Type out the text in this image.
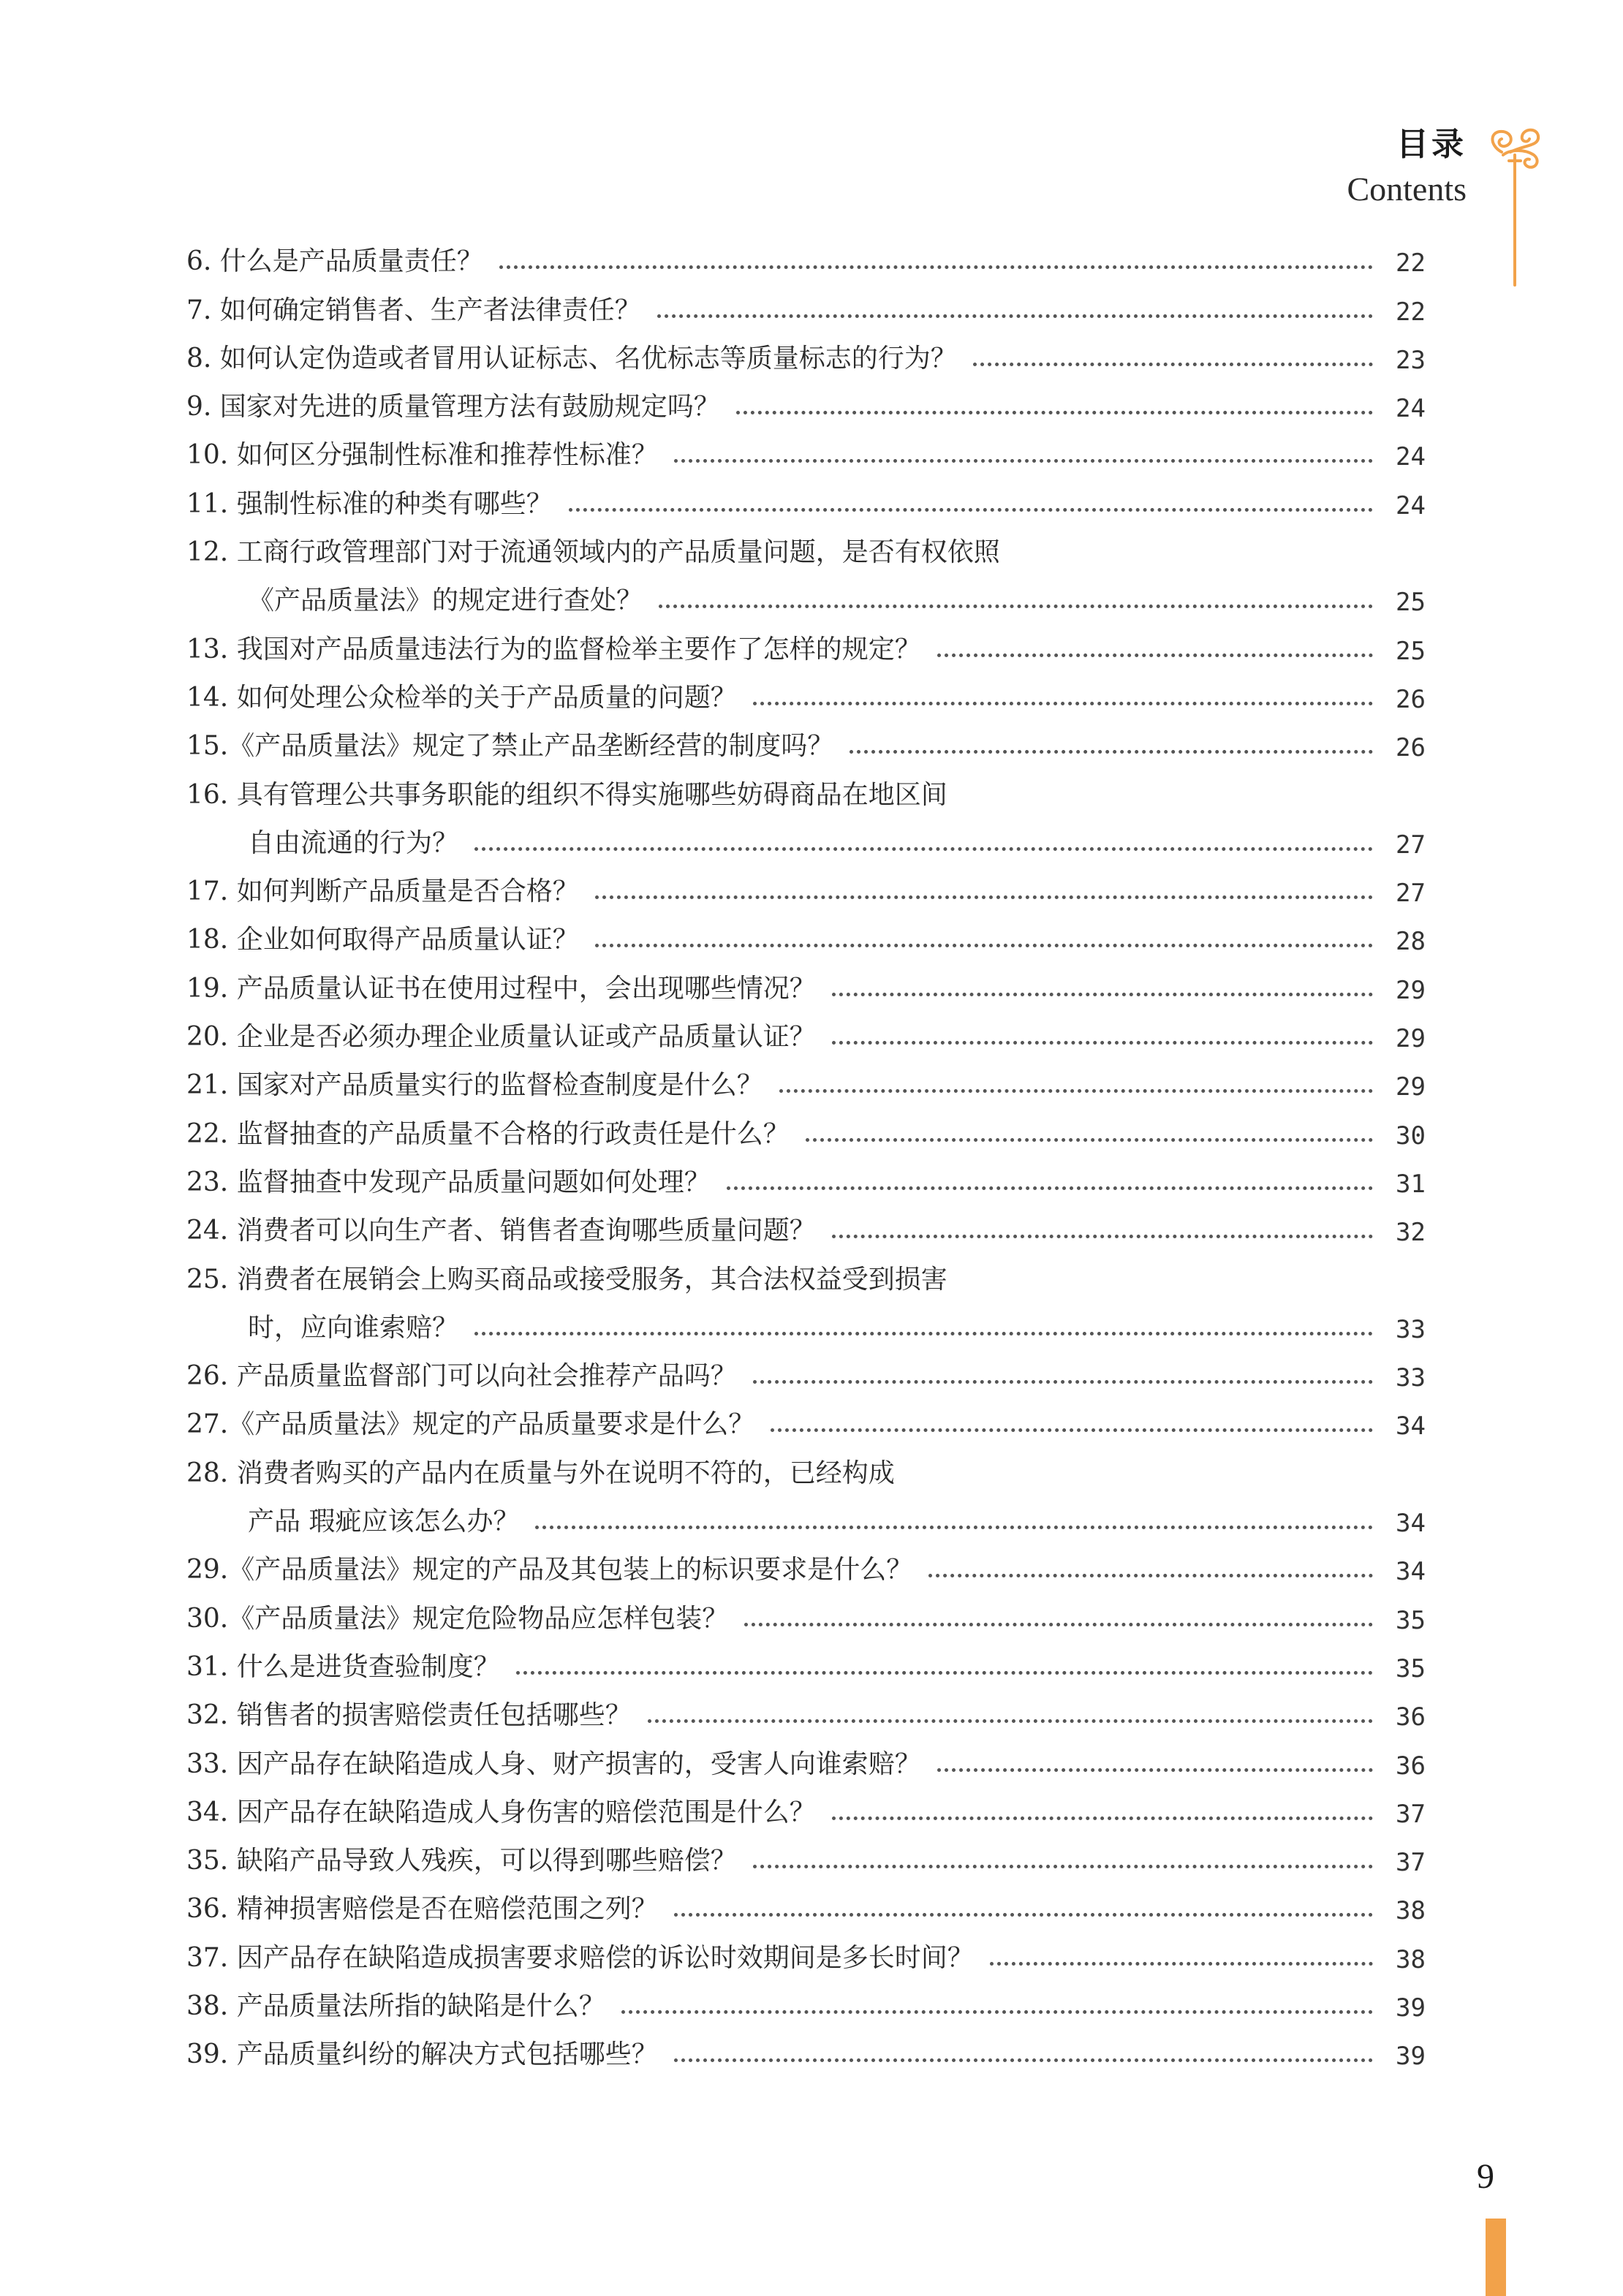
目录
Contents
6. 什么是产品质量责任？	22
7. 如何确定销售者、生产者法律责任？	22
8. 如何认定伪造或者冒用认证标志、名优标志等质量标志的行为？	23
9. 国家对先进的质量管理方法有鼓励规定吗？	24
10. 如何区分强制性标准和推荐性标准？	24
11. 强制性标准的种类有哪些？	24
12. 工商行政管理部门对于流通领域内的产品质量问题，是否有权依照
《产品质量法》的规定进行查处？	25
13. 我国对产品质量违法行为的监督检举主要作了怎样的规定？	25
14. 如何处理公众检举的关于产品质量的问题？	26
15.《产品质量法》规定了禁止产品垄断经营的制度吗？	26
16. 具有管理公共事务职能的组织不得实施哪些妨碍商品在地区间
自由流通的行为？	27
17. 如何判断产品质量是否合格？	27
18. 企业如何取得产品质量认证？	28
19. 产品质量认证书在使用过程中，会出现哪些情况？	29
20. 企业是否必须办理企业质量认证或产品质量认证？	29
21. 国家对产品质量实行的监督检查制度是什么？	29
22. 监督抽查的产品质量不合格的行政责任是什么？	30
23. 监督抽查中发现产品质量问题如何处理？	31
24. 消费者可以向生产者、销售者查询哪些质量问题？	32
25. 消费者在展销会上购买商品或接受服务，其合法权益受到损害
时，应向谁索赔？	33
26. 产品质量监督部门可以向社会推荐产品吗？	33
27.《产品质量法》规定的产品质量要求是什么？	34
28. 消费者购买的产品内在质量与外在说明不符的，已经构成
产品 瑕疵应该怎么办？	34
29.《产品质量法》规定的产品及其包装上的标识要求是什么？	34
30.《产品质量法》规定危险物品应怎样包装？	35
31. 什么是进货查验制度？	35
32. 销售者的损害赔偿责任包括哪些？	36
33. 因产品存在缺陷造成人身、财产损害的，受害人向谁索赔？	36
34. 因产品存在缺陷造成人身伤害的赔偿范围是什么？	37
35. 缺陷产品导致人残疾，可以得到哪些赔偿？	37
36. 精神损害赔偿是否在赔偿范围之列？	38
37. 因产品存在缺陷造成损害要求赔偿的诉讼时效期间是多长时间？	38
38. 产品质量法所指的缺陷是什么？	39
39. 产品质量纠纷的解决方式包括哪些？	39
9
